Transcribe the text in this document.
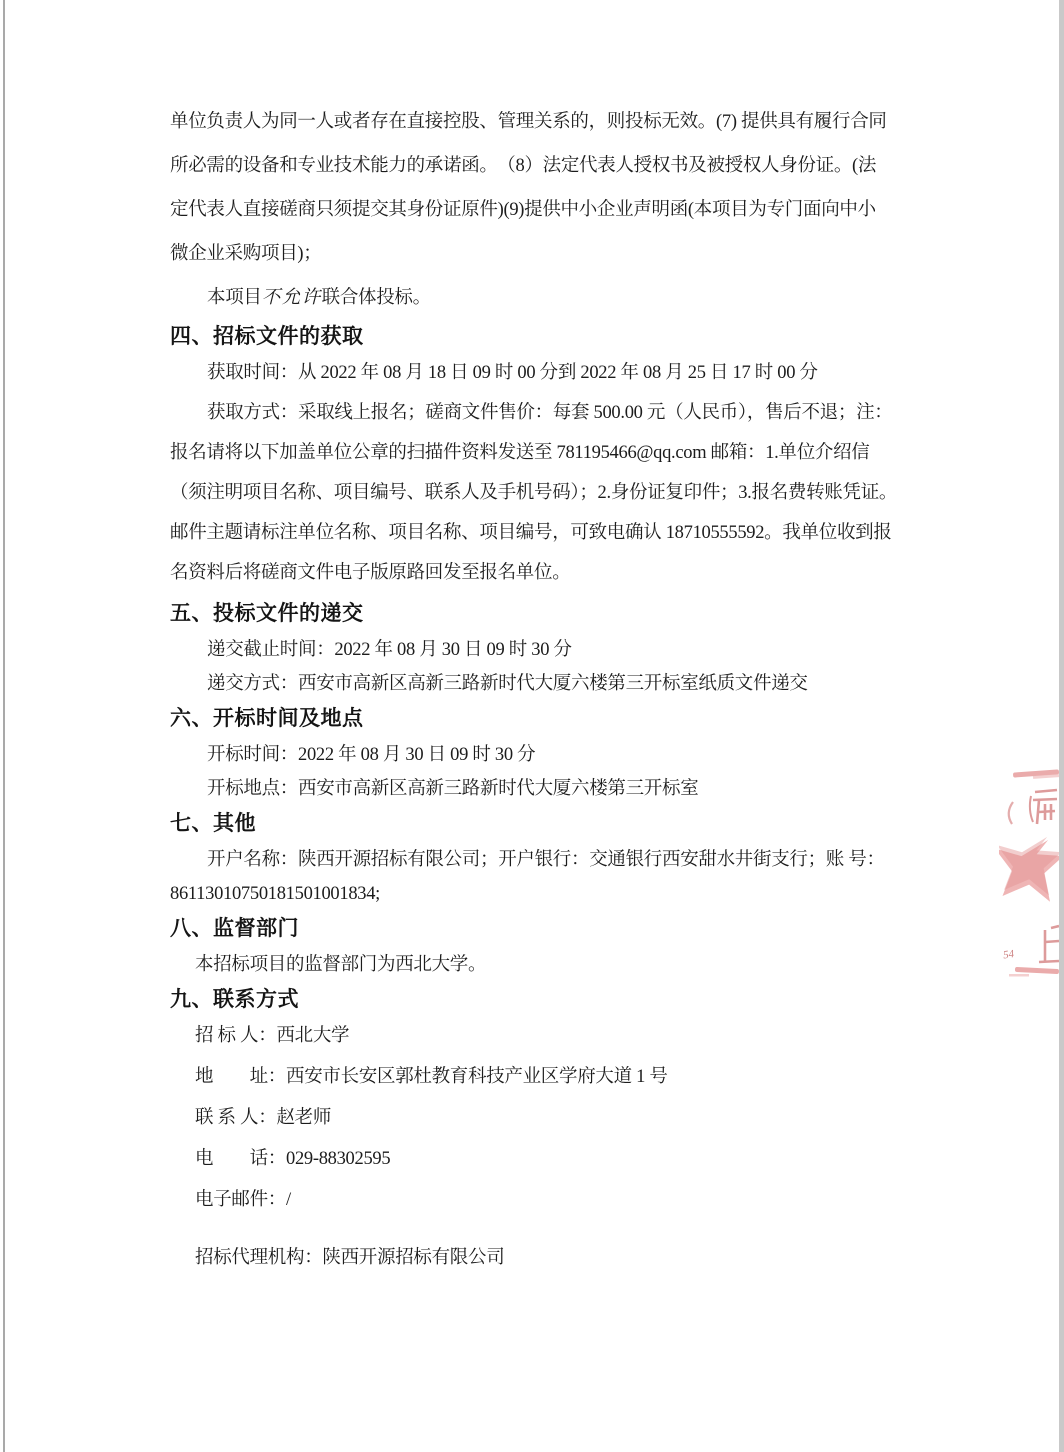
单位负责人为同一人或者存在直接控股、管理关系的，则投标无效。(7) 提供具有履行合同
所必需的设备和专业技术能力的承诺函。　（8）法定代表人授权书及被授权人身份证。(法
定代表人直接磋商只须提交其身份证原件)(9)提供中小企业声明函(本项目为专门面向中小
微企业采购项目)；
本项目不允许联合体投标。
四、招标文件的获取
获取时间：从 2022 年 08 月 18 日 09 时 00 分到 2022 年 08 月 25 日 17 时 00 分
获取方式：采取线上报名；磋商文件售价：每套 500.00 元（人民币），售后不退；注：
报名请将以下加盖单位公章的扫描件资料发送至 781195466@qq.com 邮箱：1.单位介绍信
（须注明项目名称、项目编号、联系人及手机号码）；2.身份证复印件；3.报名费转账凭证。
邮件主题请标注单位名称、项目名称、项目编号，可致电确认 18710555592。我单位收到报
名资料后将磋商文件电子版原路回发至报名单位。
五、投标文件的递交
递交截止时间：2022 年 08 月 30 日 09 时 30 分
递交方式：西安市高新区高新三路新时代大厦六楼第三开标室纸质文件递交
六、开标时间及地点
开标时间：2022 年 08 月 30 日 09 时 30 分
开标地点：西安市高新区高新三路新时代大厦六楼第三开标室
七、其他
开户名称：陕西开源招标有限公司；开户银行：交通银行西安甜水井街支行；账 号：
86113010750181501001834;
八、监督部门
本招标项目的监督部门为西北大学。
九、联系方式
招 标 人：西北大学
地　　址：西安市长安区郭杜教育科技产业区学府大道 1 号
联 系 人：赵老师
电　　话：029-88302595
电子邮件：/
招标代理机构：陕西开源招标有限公司
54
